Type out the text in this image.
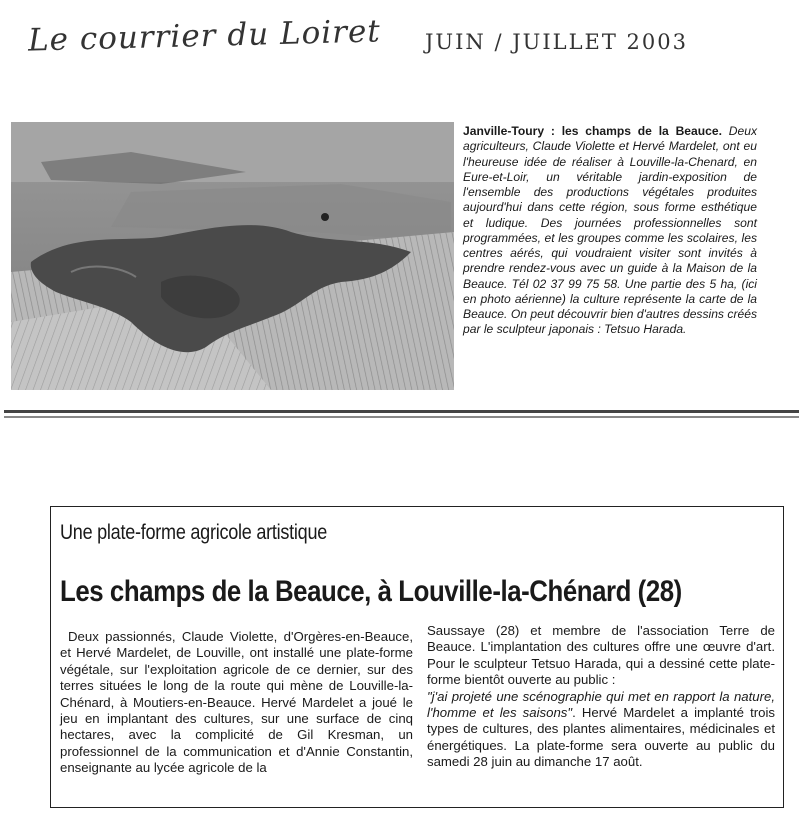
Le courrier du Loiret JUIN / JUILLET 2003
Janville-Toury : les champs de la Beauce. Deux agriculteurs, Claude Violette et Hervé Mardelet, ont eu l'heureuse idée de réaliser à Louville-la-Chenard, en Eure-et-Loir, un véritable jardin-exposition de l'ensemble des productions végétales produites aujourd'hui dans cette région, sous forme esthétique et ludique. Des journées professionnelles sont programmées, et les groupes comme les scolaires, les centres aérés, qui voudraient visiter sont invités à prendre rendez-vous avec un guide à la Maison de la Beauce. Tél 02 37 99 75 58. Une partie des 5 ha, (ici en photo aérienne) la culture représente la carte de la Beauce. On peut découvrir bien d'autres dessins créés par le sculpteur japonais : Tetsuo Harada.
Une plate-forme agricole artistique
Les champs de la Beauce, à Louville-la-Chénard (28)
Deux passionnés, Claude Violette, d'Orgères-en-Beauce, et Hervé Mardelet, de Louville, ont installé une plate-forme végétale, sur l'exploitation agricole de ce dernier, sur des terres situées le long de la route qui mène de Louville-la-Chénard, à Moutiers-en-Beauce. Hervé Mardelet a joué le jeu en implantant des cultures, sur une surface de cinq hectares, avec la complicité de Gil Kresman, un professionnel de la communication et d'Annie Constantin, enseignante au lycée agricole de la
Saussaye (28) et membre de l'association Terre de Beauce. L'implantation des cultures offre une œuvre d'art. Pour le sculpteur Tetsuo Harada, qui a dessiné cette plate-forme bientôt ouverte au public :
"j'ai projeté une scénographie qui met en rapport la nature, l'homme et les saisons". Hervé Mardelet a implanté trois types de cultures, des plantes alimentaires, médicinales et énergétiques. La plate-forme sera ouverte au public du samedi 28 juin au dimanche 17 août.
